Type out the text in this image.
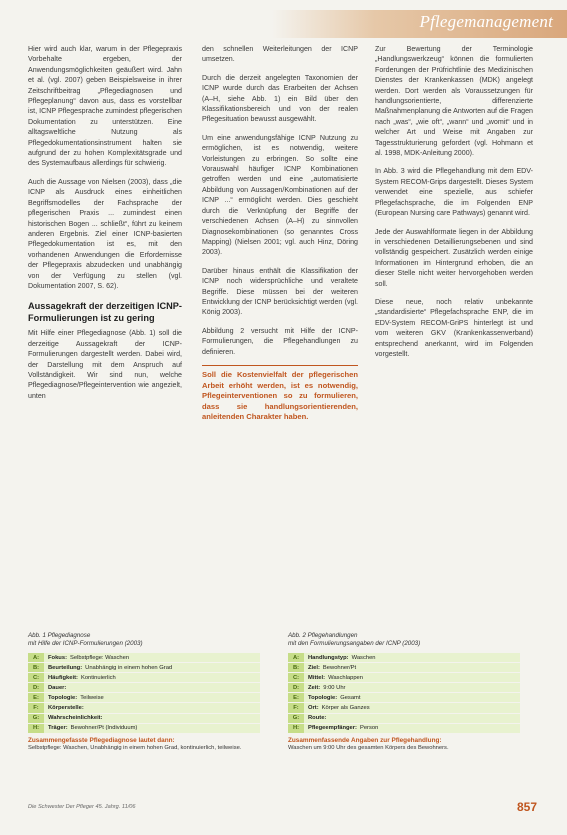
Pflegemanagement

Hier wird auch klar, warum in der Pflegepraxis Vorbehalte ergeben, der Anwendungsmöglichkeiten geäußert wird. Jahn et al. (vgl. 2007) geben Beispielsweise in ihrer Zeitschriftbeitrag „Pflegediagnosen und Pflegeplanung“ davon aus, dass es vorstellbar ist, ICNP Pflegesprache zumindest pflegerischen Dokumentation zu unterstützen. Eine alltagsweltliche Nutzung als Pflegedokumentationsinstrument halten sie aufgrund der zu hohen Komplexitätsgrade und des Systemaufbaus allerdings für schwierig.

Auch die Aussage von Nielsen (2003), dass „die ICNP als Ausdruck eines einheitlichen Begriffsmodelles der Fachsprache der pflegerischen Praxis ... zumindest einen historischen Bogen ... schließt“, führt zu keinem anderen Ergebnis. Ziel einer ICNP-basierten Pflegedokumentation ist es, mit den vorhandenen Anwendungen die Erfordernisse der Pflegepraxis abzudecken und unabhängig von der Verfügung zu stellen (vgl. Dokumentation 2007, S. 62).

Aussagekraft der derzeitigen ICNP-Formulierungen ist zu gering

Mit Hilfe einer Pflegediagnose (Abb. 1) soll die derzeitige Aussagekraft der ICNP-Formulierungen dargestellt werden. Dabei wird, der Darstellung mit dem Anspruch auf Vollständigkeit. Wir sind nun, welche Pflegediagnose/Pflegeintervention wie angezielt, unten

den schnellen Weiterleitungen der ICNP umsetzen.

Durch die derzeit angelegten Taxonomien der ICNP wurde durch das Erarbeiten der Achsen (A–H, siehe Abb. 1) ein Bild über den Klassifikationsbereich und von der realen Pflegesituation bewusst ausgewählt.

Um eine anwendungsfähige ICNP Nutzung zu ermöglichen, ist es notwendig, weitere Vorleistungen zu erbringen. So sollte eine Vorauswahl häufiger ICNP Kombinationen getroffen werden und eine „automatisierte Abbildung von Aussagen/Kombinationen auf der ICNP ...“ ermöglicht werden. Dies geschieht durch die Verknüpfung der Begriffe der verschiedenen Achsen (A–H) zu sinnvollen Diagnosekombinationen (so genanntes Cross Mapping) (Nielsen 2001; vgl. auch Hinz, Döring 2003).

Darüber hinaus enthält die Klassifikation der ICNP noch widersprüchliche und veraltete Begriffe. Diese müssen bei der weiteren Entwicklung der ICNP berücksichtigt werden (vgl. König 2003).

Abbildung 2 versucht mit Hilfe der ICNP-Formulierungen, die Pflegehandlungen zu definieren.

Soll die Kostenvielfalt der pflegerischen Arbeit erhöht werden, ist es notwendig, Pflegeinterventionen so zu formulieren, dass sie handlungsorientierenden, anleitenden Charakter haben.

Zur Bewertung der Terminologie „Handlungswerkzeug“ können die formulierten Forderungen der Prüfrichtlinie des Medizinischen Dienstes der Krankenkassen (MDK) angelegt werden. Dort werden als Voraussetzungen für handlungsorientierte, differenzierte Maßnahmenplanung die Antworten auf die Fragen nach „was“, „wie oft“, „wann“ und „womit“ und in welcher Art und Weise mit Angaben zur Tagesstrukturierung gefordert (vgl. Hohmann et al. 1998, MDK-Anleitung 2000).

In Abb. 3 wird die Pflegehandlung mit dem EDV-System RECOM-Grips dargestellt. Dieses System verwendet eine spezielle, aus schiefer Pflegefachsprache, die im Folgenden ENP (European Nursing care Pathways) genannt wird.

Jede der Auswahlformate liegen in der Abbildung in verschiedenen Detaillierungsebenen und sind vollständig gespeichert. Zusätzlich werden einige Informationen im Hintergrund erhoben, die an dieser Stelle nicht weiter hervorgehoben werden soll.

Diese neue, noch relativ unbekannte „standardisierte“ Pflegefachsprache ENP, die im EDV-System RECOM-GriPS hinterlegt ist und vom weiteren GKV (Krankenkassenverband) entsprechend anerkannt, wird im Folgenden vorgestellt.

Abb. 1 Pflegediagnose
mit Hilfe der ICNP-Formulierungen (2003)
A:	Fokus: Selbstpflege: Waschen
B:	Beurteilung: Unabhängig in einem hohen Grad
C:	Häufigkeit: Kontinuierlich
D:	Dauer:
E:	Topologie: Teilweise
F:	Körperstelle:
G:	Wahrscheinlichkeit:
H:	Träger: Bewohner/Pt (Individuum)
Zusammengefasste Pflegediagnose lautet dann:
Selbstpflege: Waschen, Unabhängig in einem hohen Grad, kontinuierlich, teilweise.
Abb. 2 Pflegehandlungen
mit den Formulierungsangaben der ICNP (2003)
A:	Handlungstyp: Waschen
B:	Ziel: Bewohner/Pt
C:	Mittel: Waschlappen
D:	Zeit: 9:00 Uhr
E:	Topologie: Gesamt
F:	Ort: Körper als Ganzes
G:	Route:
H:	Pflegeempfänger: Person
Zusammenfassende Angaben zur Pflegehandlung:
Waschen um 9:00 Uhr des gesamten Körpers des Bewohners.
Die Schwester Der Pfleger 45. Jahrg. 11/06	857
